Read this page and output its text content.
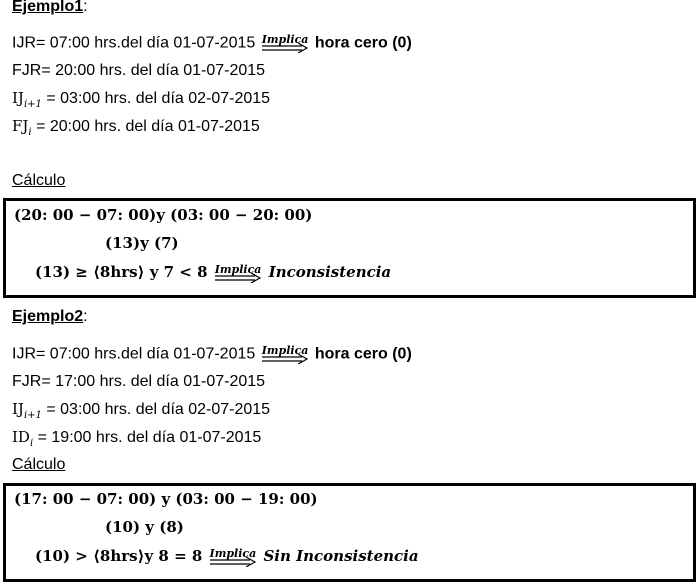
Ejemplo1:
IJR= 07:00 hrs.del día 01-07-2015 Implica hora cero (0)
FJR= 20:00 hrs. del día 01-07-2015
$IJ_{i+1}$ = 03:00 hrs. del día 02-07-2015
$FJ_i$ = 20:00 hrs. del día 01-07-2015
Cálculo
(20: 00 − 07: 00)y (03: 00 − 20: 00)
(13)y (7)
(13) ≥ ⟨8hrs⟩ y 7 < 8 Implica Inconsistencia
Ejemplo2:
IJR= 07:00 hrs.del día 01-07-2015 Implica hora cero (0)
FJR= 17:00 hrs. del día 01-07-2015
$IJ_{i+1}$ = 03:00 hrs. del día 02-07-2015
$ID_i$ = 19:00 hrs. del día 01-07-2015
Cálculo
(17: 00 − 07: 00) y (03: 00 − 19: 00)
(10) y (8)
(10) > ⟨8hrs⟩y 8 = 8 Implica Sin Inconsistencia
